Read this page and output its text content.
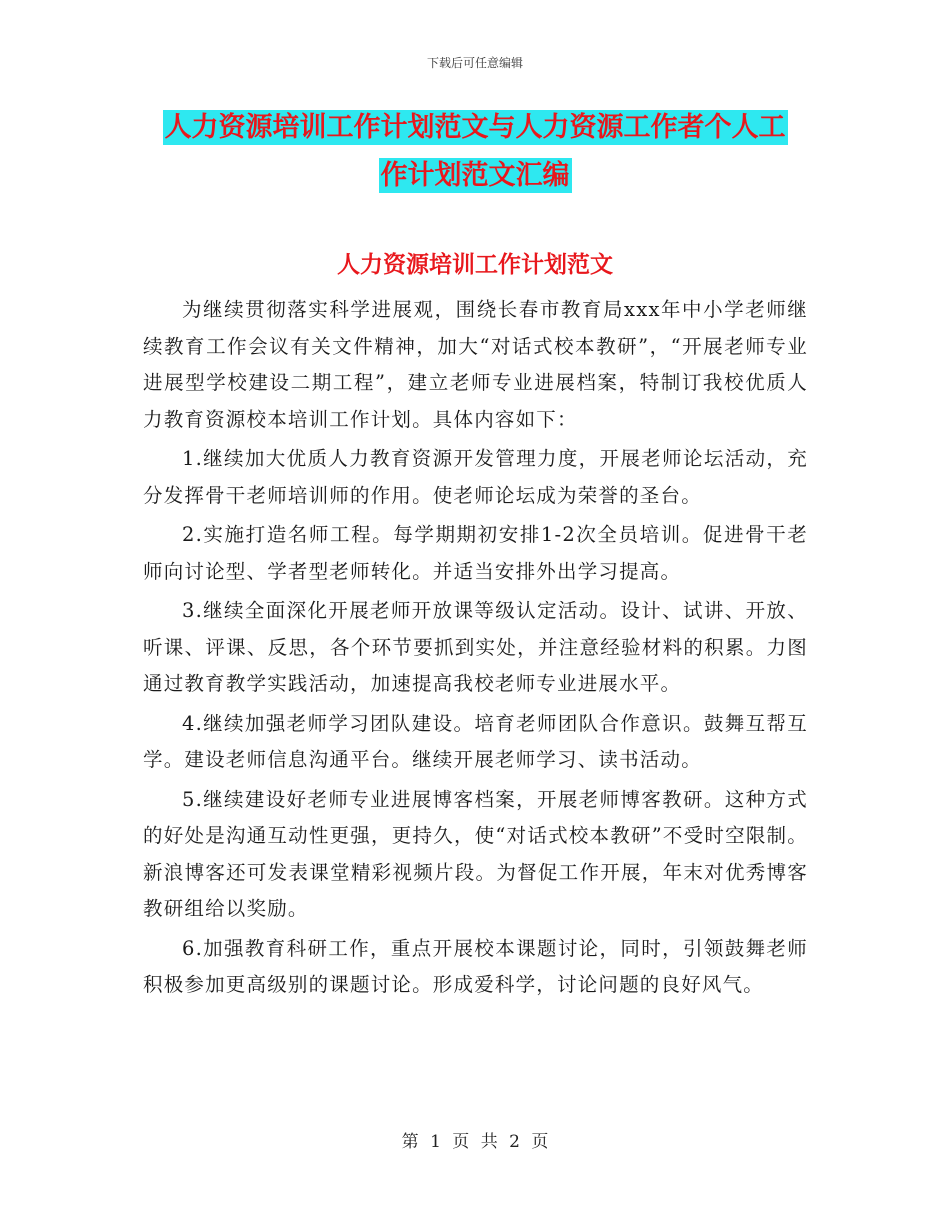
下载后可任意编辑
人力资源培训工作计划范文与人力资源工作者个人工
作计划范文汇编
人力资源培训工作计划范文

为继续贯彻落实科学进展观，围绕长春市教育局xxx年中小学老师继续教育工作会议有关文件精神，加大“对话式校本教研”，“开展老师专业进展型学校建设二期工程”，建立老师专业进展档案，特制订我校优质人力教育资源校本培训工作计划。具体内容如下：

1.继续加大优质人力教育资源开发管理力度，开展老师论坛活动，充分发挥骨干老师培训师的作用。使老师论坛成为荣誉的圣台。

2.实施打造名师工程。每学期期初安排1-2次全员培训。促进骨干老师向讨论型、学者型老师转化。并适当安排外出学习提高。

3.继续全面深化开展老师开放课等级认定活动。设计、试讲、开放、听课、评课、反思，各个环节要抓到实处，并注意经验材料的积累。力图通过教育教学实践活动，加速提高我校老师专业进展水平。

4.继续加强老师学习团队建设。培育老师团队合作意识。鼓舞互帮互学。建设老师信息沟通平台。继续开展老师学习、读书活动。

5.继续建设好老师专业进展博客档案，开展老师博客教研。这种方式的好处是沟通互动性更强，更持久，使“对话式校本教研”不受时空限制。新浪博客还可发表课堂精彩视频片段。为督促工作开展，年末对优秀博客教研组给以奖励。

6.加强教育科研工作，重点开展校本课题讨论，同时，引领鼓舞老师积极参加更高级别的课题讨论。形成爱科学，讨论问题的良好风气。

第 1 页 共 2 页
